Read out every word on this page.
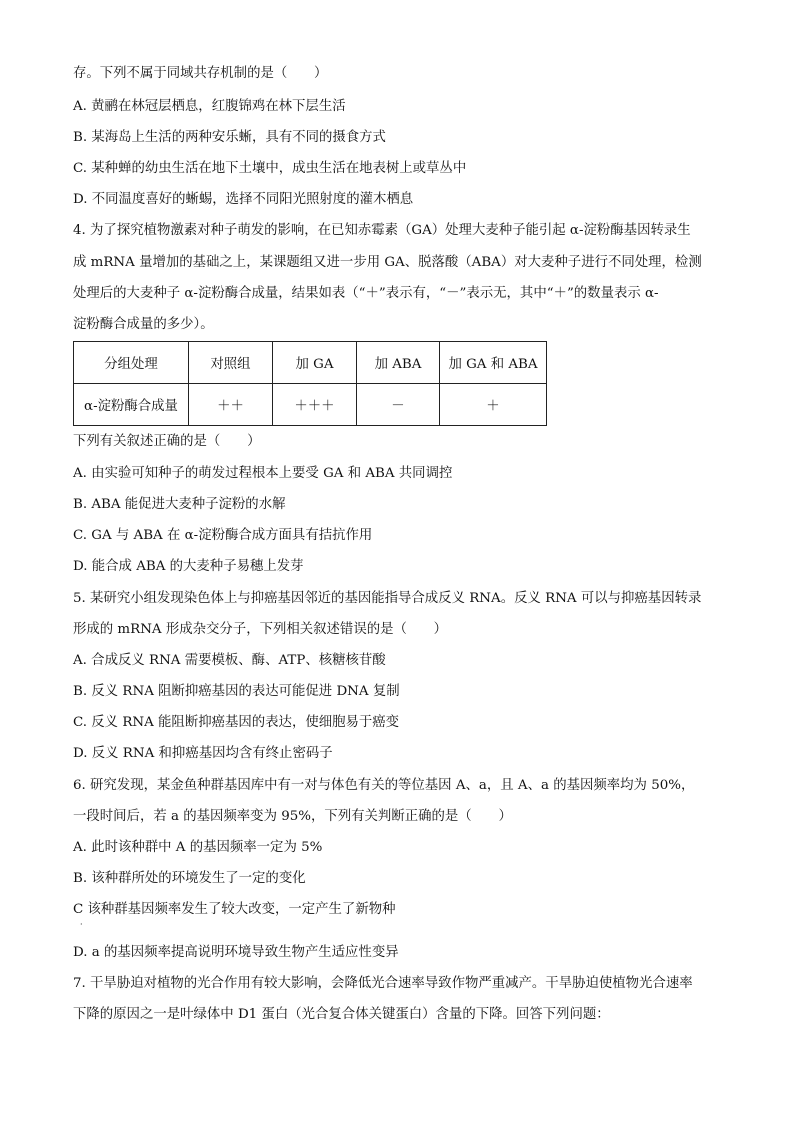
存。下列不属于同域共存机制的是（　　）
A. 黄鹂在林冠层栖息，红腹锦鸡在林下层生活
B. 某海岛上生活的两种安乐蜥，具有不同的摄食方式
C. 某种蝉的幼虫生活在地下土壤中，成虫生活在地表树上或草丛中
D. 不同温度喜好的蜥蜴，选择不同阳光照射度的灌木栖息
4. 为了探究植物激素对种子萌发的影响，在已知赤霉素（GA）处理大麦种子能引起 α-淀粉酶基因转录生
成 mRNA 量增加的基础之上，某课题组又进一步用 GA、脱落酸（ABA）对大麦种子进行不同处理，检测
处理后的大麦种子 α-淀粉酶合成量，结果如表（“＋”表示有，“－”表示无，其中“＋”的数量表示 α-
淀粉酶合成量的多少）。
分组处理	对照组	加 GA	加 ABA	加 GA 和 ABA
α-淀粉酶合成量	＋＋	＋＋＋	－	＋
下列有关叙述正确的是（　　）
A. 由实验可知种子的萌发过程根本上要受 GA 和 ABA 共同调控
B. ABA 能促进大麦种子淀粉的水解
C. GA 与 ABA 在 α-淀粉酶合成方面具有拮抗作用
D. 能合成 ABA 的大麦种子易穗上发芽
5. 某研究小组发现染色体上与抑癌基因邻近的基因能指导合成反义 RNA。反义 RNA 可以与抑癌基因转录
形成的 mRNA 形成杂交分子，下列相关叙述错误的是（　　）
A. 合成反义 RNA 需要模板、酶、ATP、核糖核苷酸
B. 反义 RNA 阻断抑癌基因的表达可能促进 DNA 复制
C. 反义 RNA 能阻断抑癌基因的表达，使细胞易于癌变
D. 反义 RNA 和抑癌基因均含有终止密码子
6. 研究发现，某金鱼种群基因库中有一对与体色有关的等位基因 A、a，且 A、a 的基因频率均为 50%，
一段时间后，若 a 的基因频率变为 95%，下列有关判断正确的是（　　）
A. 此时该种群中 A 的基因频率一定为 5%
B. 该种群所处的环境发生了一定的变化
C 该种群基因频率发生了较大改变，一定产生了新物种
·
D. a 的基因频率提高说明环境导致生物产生适应性变异
7. 干旱胁迫对植物的光合作用有较大影响，会降低光合速率导致作物严重减产。干旱胁迫使植物光合速率
下降的原因之一是叶绿体中 D1 蛋白（光合复合体关键蛋白）含量的下降。回答下列问题：
